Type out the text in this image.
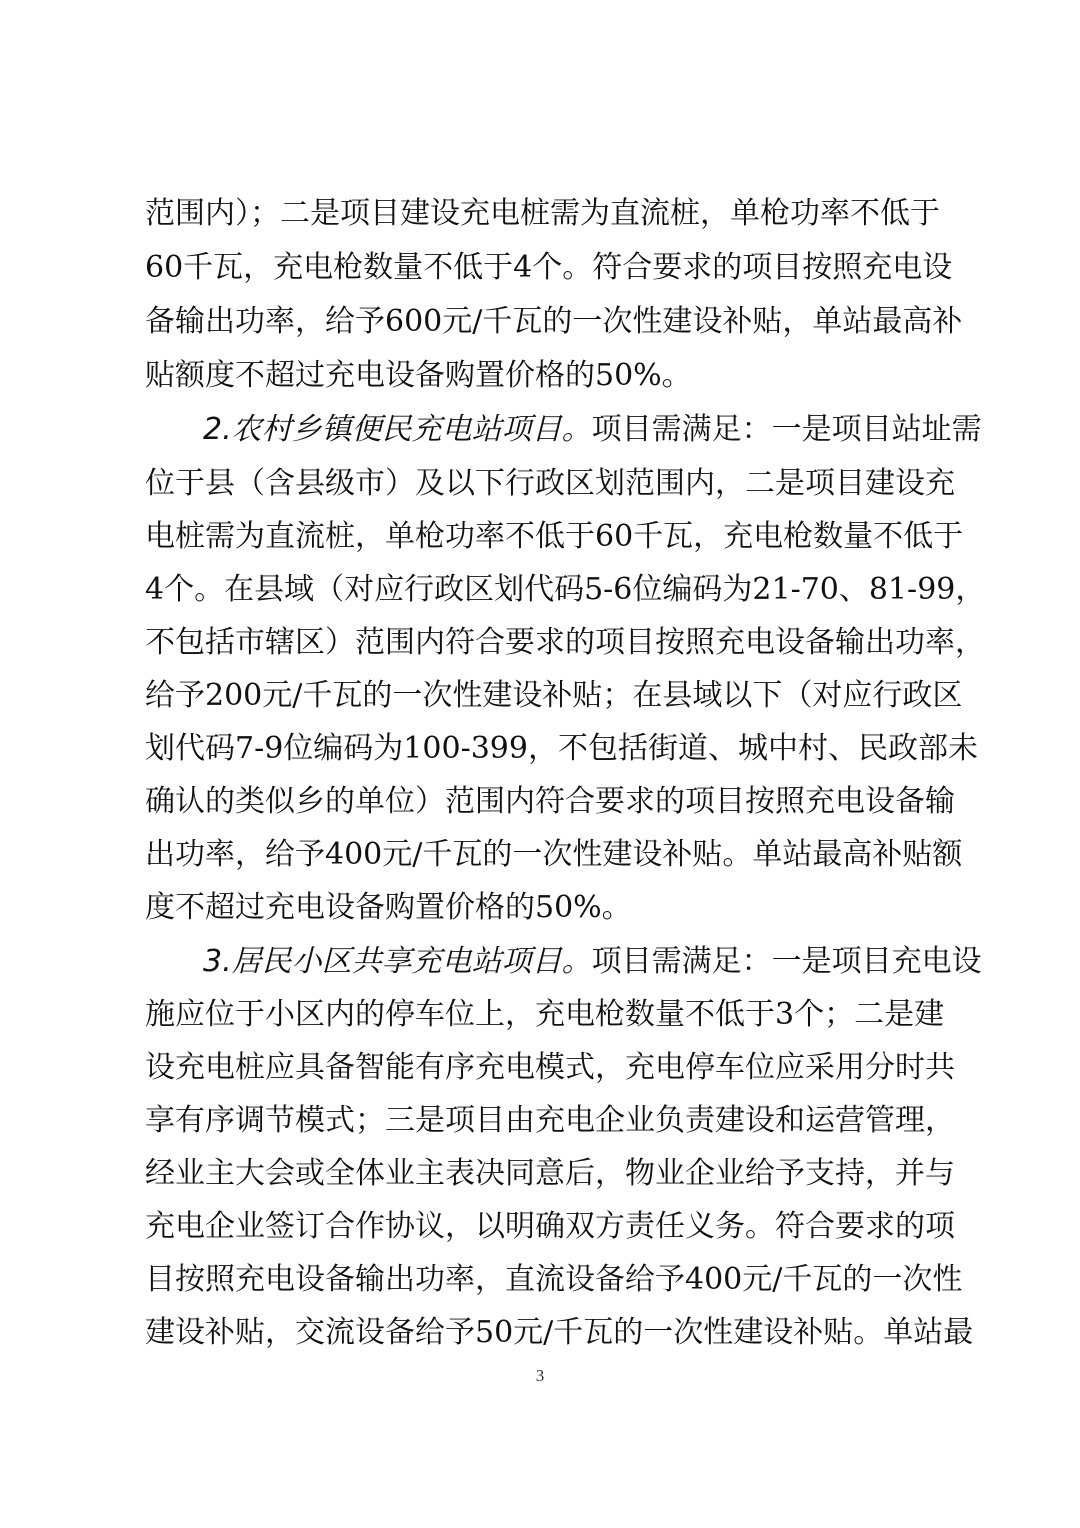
范围内）；二是项目建设充电桩需为直流桩，单枪功率不低于
60千瓦，充电枪数量不低于4个。符合要求的项目按照充电设
备输出功率，给予600元/千瓦的一次性建设补贴，单站最高补
贴额度不超过充电设备购置价格的50%。
2.农村乡镇便民充电站项目。项目需满足：一是项目站址需
位于县（含县级市）及以下行政区划范围内，二是项目建设充
电桩需为直流桩，单枪功率不低于60千瓦，充电枪数量不低于
4个。在县域（对应行政区划代码5-6位编码为21-70、81-99，
不包括市辖区）范围内符合要求的项目按照充电设备输出功率，
给予200元/千瓦的一次性建设补贴；在县域以下（对应行政区
划代码7-9位编码为100-399，不包括街道、城中村、民政部未
确认的类似乡的单位）范围内符合要求的项目按照充电设备输
出功率，给予400元/千瓦的一次性建设补贴。单站最高补贴额
度不超过充电设备购置价格的50%。
3.居民小区共享充电站项目。项目需满足：一是项目充电设
施应位于小区内的停车位上，充电枪数量不低于3个；二是建
设充电桩应具备智能有序充电模式，充电停车位应采用分时共
享有序调节模式；三是项目由充电企业负责建设和运营管理，
经业主大会或全体业主表决同意后，物业企业给予支持，并与
充电企业签订合作协议，以明确双方责任义务。符合要求的项
目按照充电设备输出功率，直流设备给予400元/千瓦的一次性
建设补贴，交流设备给予50元/千瓦的一次性建设补贴。单站最
3
